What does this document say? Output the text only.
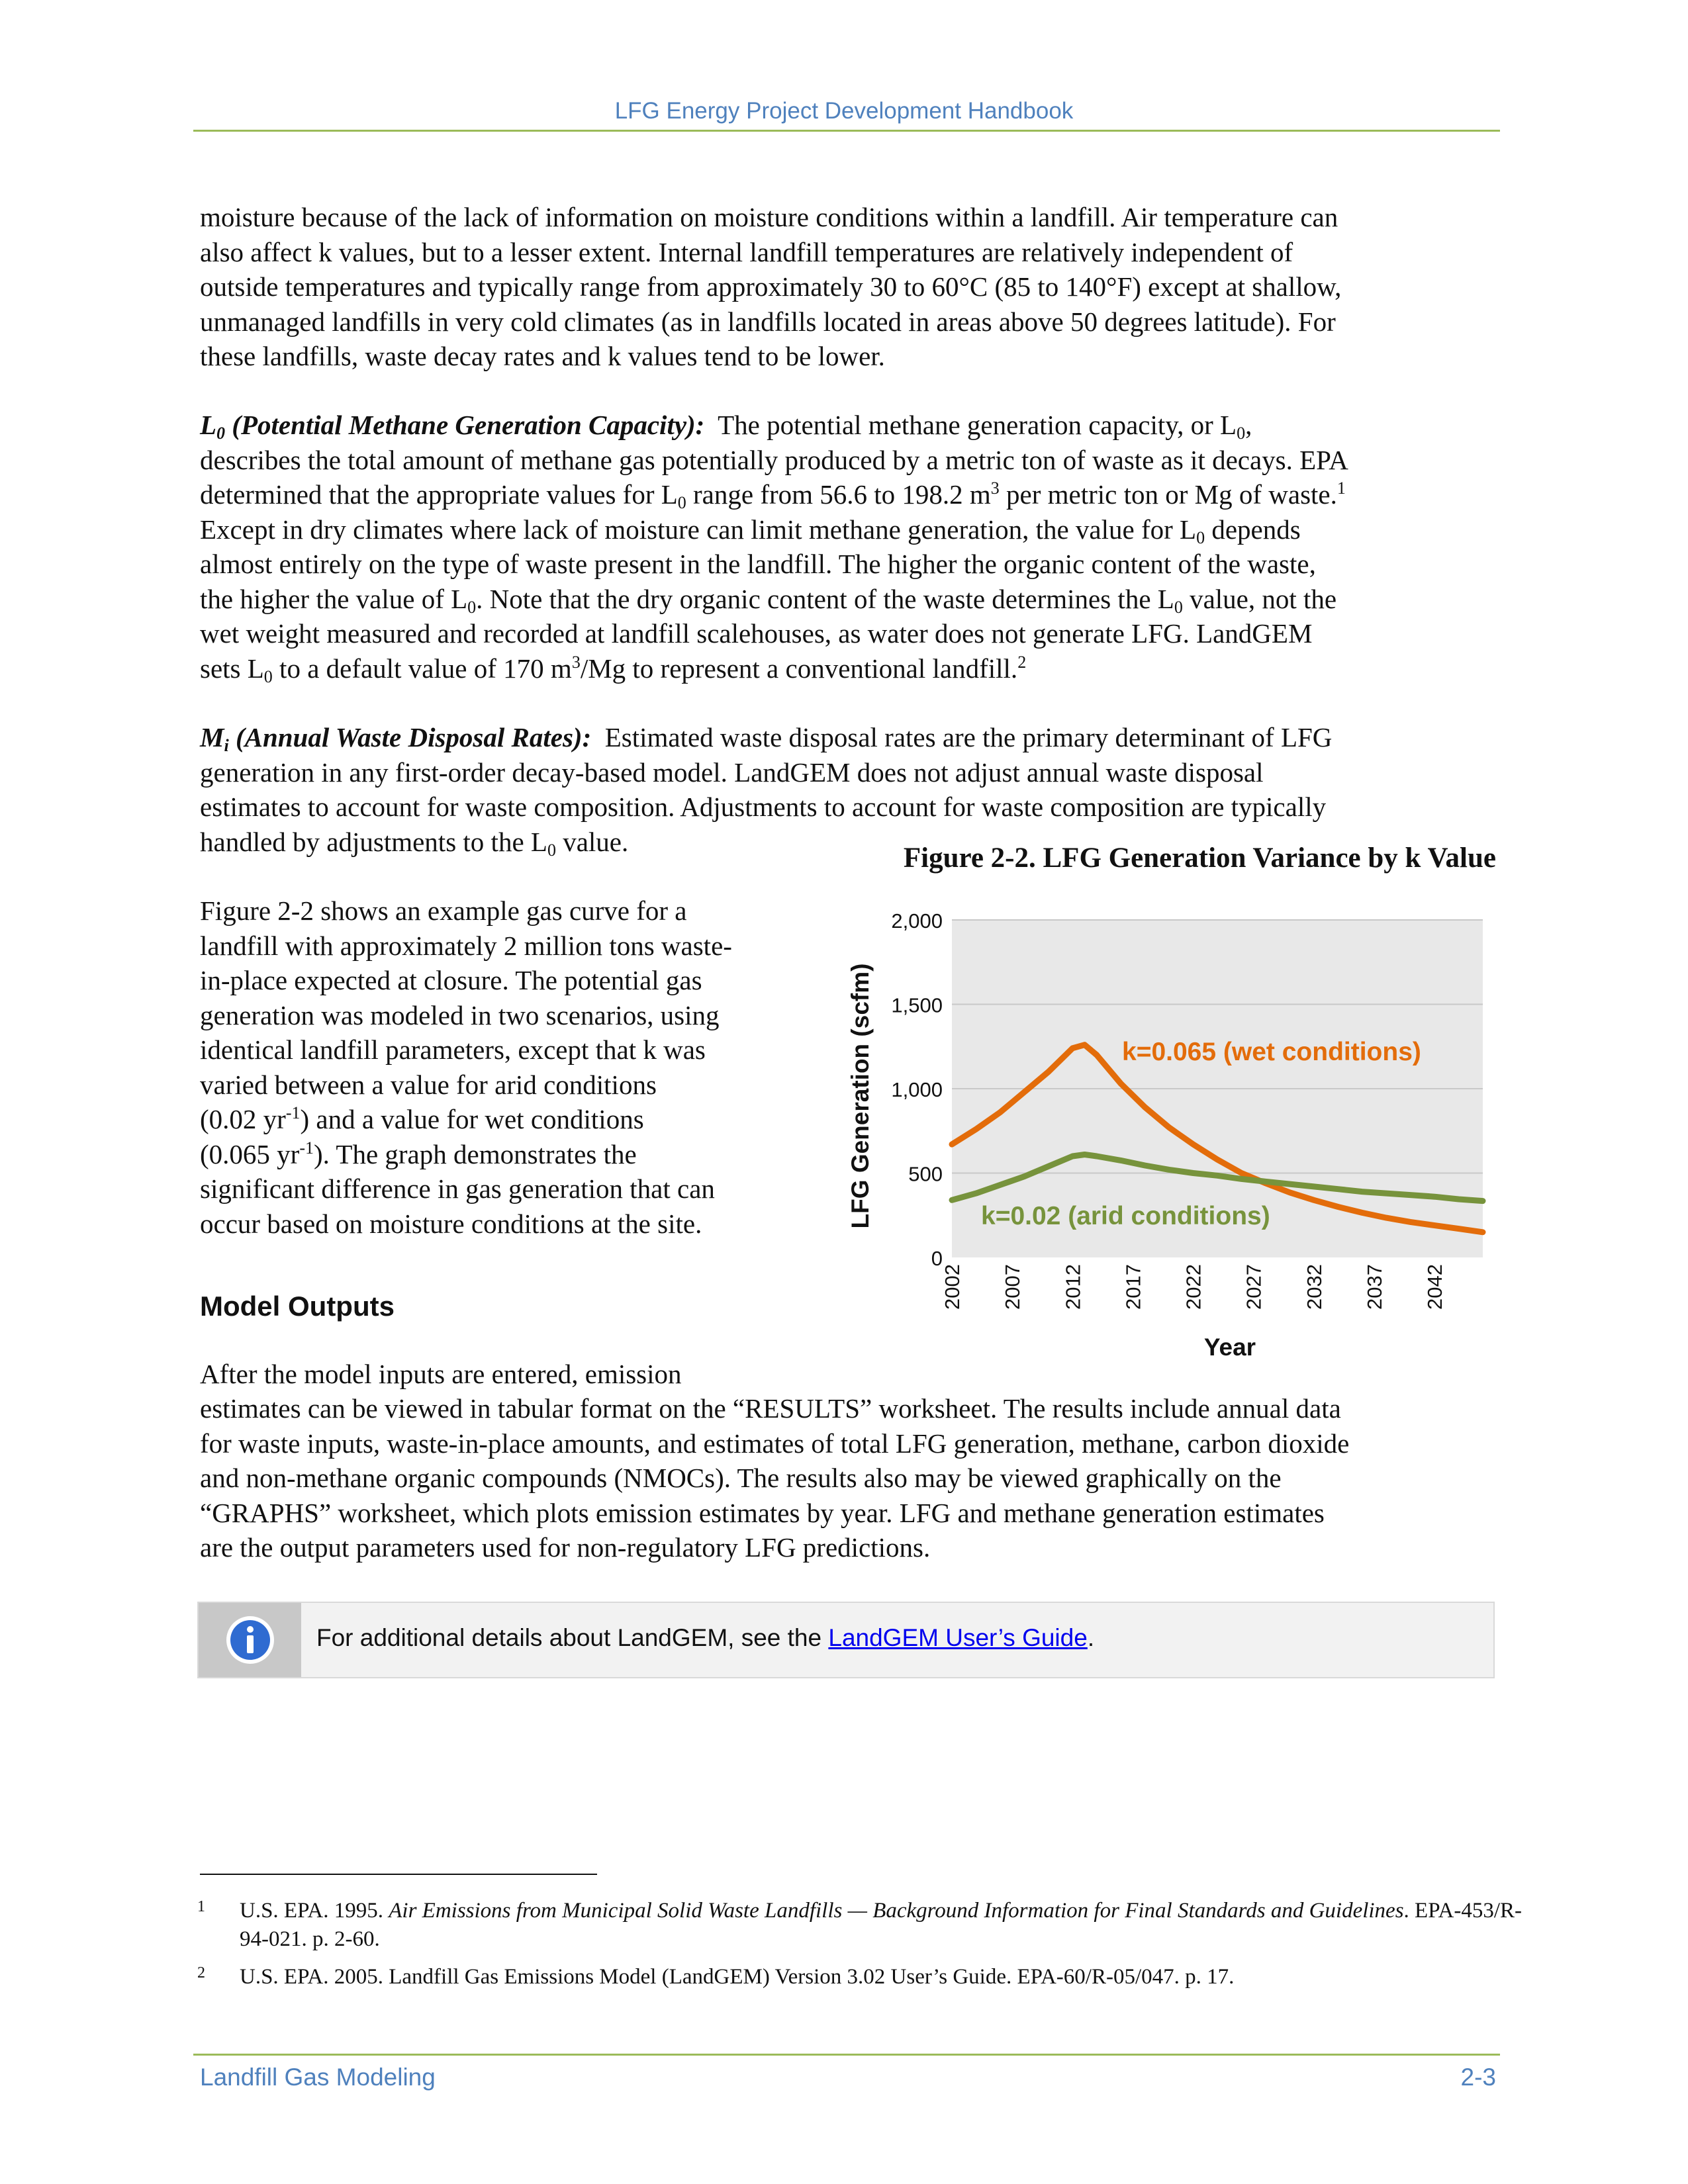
LFG Energy Project Development Handbook

moisture because of the lack of information on moisture conditions within a landfill. Air temperature can
also affect k values, but to a lesser extent. Internal landfill temperatures are relatively independent of
outside temperatures and typically range from approximately 30 to 60°C (85 to 140°F) except at shallow,
unmanaged landfills in very cold climates (as in landfills located in areas above 50 degrees latitude). For
these landfills, waste decay rates and k values tend to be lower.

$L_0$ (Potential Methane Generation Capacity):  The potential methane generation capacity, or $L_0$,
describes the total amount of methane gas potentially produced by a metric ton of waste as it decays. EPA
determined that the appropriate values for $L_0$ range from 56.6 to 198.2 $m^3$ per metric ton or Mg of waste.$^1$
Except in dry climates where lack of moisture can limit methane generation, the value for $L_0$ depends
almost entirely on the type of waste present in the landfill. The higher the organic content of the waste,
the higher the value of $L_0$. Note that the dry organic content of the waste determines the $L_0$ value, not the
wet weight measured and recorded at landfill scalehouses, as water does not generate LFG. LandGEM
sets $L_0$ to a default value of 170 $m^3/Mg$ to represent a conventional landfill.$^2$

$M_i$ (Annual Waste Disposal Rates):  Estimated waste disposal rates are the primary determinant of LFG
generation in any first-order decay-based model. LandGEM does not adjust annual waste disposal
estimates to account for waste composition. Adjustments to account for waste composition are typically
handled by adjustments to the $L_0$ value.

Figure 2-2. LFG Generation Variance by k Value

Figure 2-2 shows an example gas curve for a
landfill with approximately 2 million tons waste-
in-place expected at closure. The potential gas
generation was modeled in two scenarios, using
identical landfill parameters, except that k was
varied between a value for arid conditions
(0.02 $yr^{-1}$) and a value for wet conditions
(0.065 $yr^{-1}$). The graph demonstrates the
significant difference in gas generation that can
occur based on moisture conditions at the site.

0
500
1,000
1,500
2,000
2002 2007 2012 2017 2022 2027 2032 2037 2042
k=0.065 (wet conditions)
k=0.02 (arid conditions)
LFG Generation (scfm)
Year
Model Outputs

After the model inputs are entered, emission

estimates can be viewed in tabular format on the “RESULTS” worksheet. The results include annual data
for waste inputs, waste-in-place amounts, and estimates of total LFG generation, methane, carbon dioxide
and non-methane organic compounds (NMOCs). The results also may be viewed graphically on the
“GRAPHS” worksheet, which plots emission estimates by year. LFG and methane generation estimates
are the output parameters used for non-regulatory LFG predictions.

For additional details about LandGEM, see the LandGEM User’s Guide.
1 U.S. EPA. 1995. Air Emissions from Municipal Solid Waste Landfills — Background Information for Final Standards and Guidelines. EPA-453/R-94-021. p. 2-60.
2 U.S. EPA. 2005. Landfill Gas Emissions Model (LandGEM) Version 3.02 User’s Guide. EPA-60/R-05/047. p. 17.
Landfill Gas Modeling	2-3
